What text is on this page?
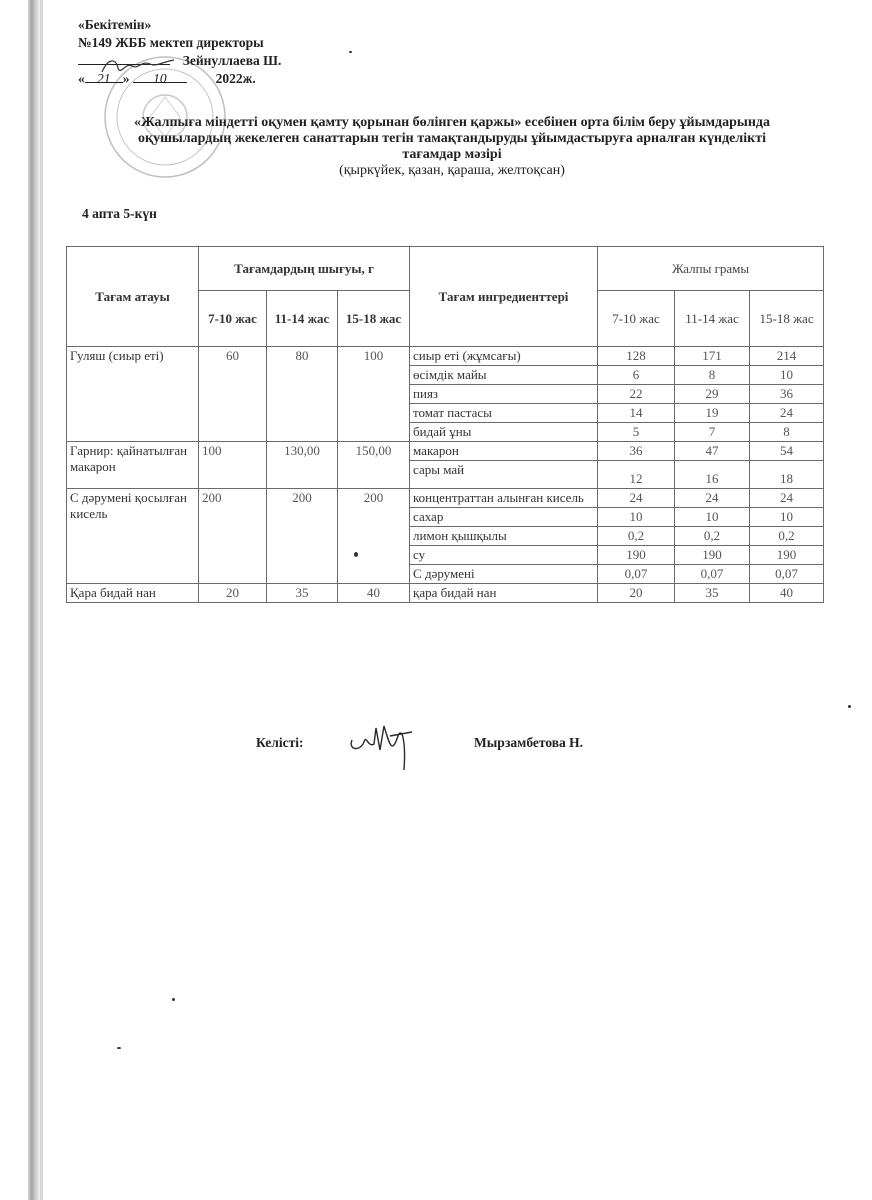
«Бекітемін»
№149 ЖББ мектеп директоры
Зейнуллаева Ш.
« 21 » 10	2022ж.
«Жалпыға міндетті оқумен қамту қорынан бөлінген қаржы» есебінен орта білім беру ұйымдарында
оқушылардың жекелеген санаттарын тегін тамақтандыруды ұйымдастыруға арналған күнделікті
тағамдар мәзірі
(қыркүйек, қазан, қараша, желтоқсан)
4 апта 5-күн
Тағам атауы	Тағамдардың шығуы, г			Тағам ингредиенттері	Жалпы грамы		
	7-10 жас	11-14 жас	15-18 жас		7-10 жас	11-14 жас	15-18 жас
Гуляш (сиыр еті)	60	80	100	сиыр еті (жұмсағы)	128	171	214
				өсімдік майы	6	8	10
				пияз	22	29	36
				томат пастасы	14	19	24
				бидай ұны	5	7	8
Гарнир: қайнатылған макарон	100	130,00	150,00	макарон	36	47	54
				сары май	12	16	18
С дәрумені қосылған кисель	200	200	200	концентраттан алынған кисель	24	24	24
				сахар	10	10	10
				лимон қышқылы	0,2	0,2	0,2
				су	190	190	190
				С дәрумені	0,07	0,07	0,07
Қара бидай нан	20	35	40	қара бидай нан	20	35	40
Келісті:	Мырзамбетова Н.
